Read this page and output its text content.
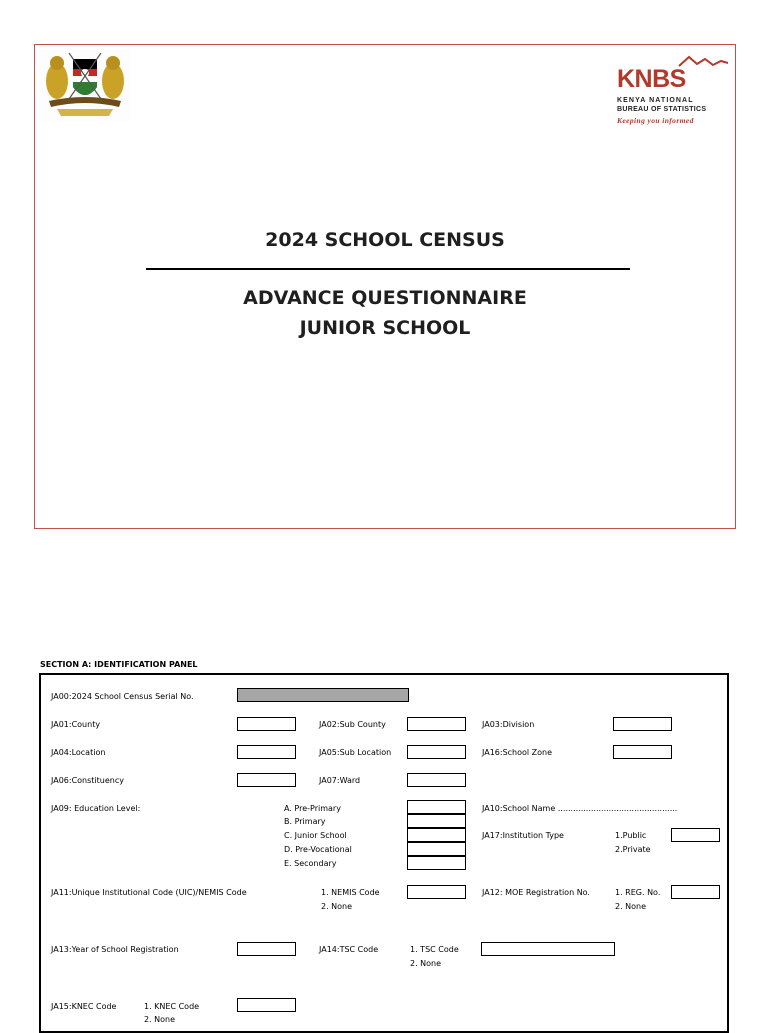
KNBS
KENYA NATIONAL
BUREAU OF STATISTICS
Keeping you informed
2024 SCHOOL CENSUS
ADVANCE QUESTIONNAIRE
JUNIOR SCHOOL
SECTION A: IDENTIFICATION PANEL
JA00:2024 School Census Serial No.
JA01:County	JA02:Sub County	JA03:Division
JA04:Location	JA05:Sub Location	JA16:School Zone
JA06:Constituency	JA07:Ward
JA09: Education Level:	A. Pre-Primary
B. Primary
C. Junior School
D. Pre-Vocational
E. Secondary
JA10:School Name ...............................................
JA17:Institution Type	1.Public
2.Private
JA11:Unique Institutional Code (UIC)/NEMIS Code	1. NEMIS Code
2. None
JA12: MOE Registration No.	1. REG. No.
2. None
JA13:Year of School Registration	JA14:TSC Code	1. TSC Code
2. None
JA15:KNEC Code	1. KNEC Code
2. None
